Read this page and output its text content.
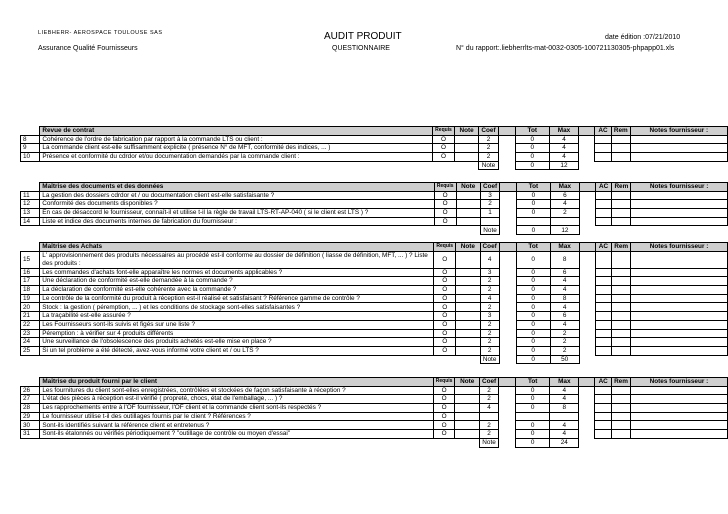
LIEBHERR- AEROSPACE TOULOUSE SAS
Assurance Qualité Fournisseurs
AUDIT PRODUIT
QUESTIONNAIRE
date édition :07/21/2010
N° du rapport:.liebherrlts-mat-0032-0305-100721130305-phpapp01.xls
	Revue de contrat	Requis	Note	Coef		Tot	Max		AC	Rem	Notes fournisseur :
8	Cohérence de l'ordre de fabrication par rapport à la commande LTS ou client :	O		2		0	4				
9	La commande client est-elle suffisamment explicite ( présence N° de MFT, conformité des indices, ... )	O		2		0	4				
10	Présence et conformité du cdrdor et/ou documentation demandés par la commande client :	O		2		0	4				
				Note		0	12				
	Maîtrise des documents et des données	Requis	Note	Coef		Tot	Max		AC	Rem	Notes fournisseur :
11	La gestion des dossiers cdrdor et / ou documentation client est-elle satisfaisante ?	O		3		0	6				
12	Conformité des documents disponibles ?	O		2		0	4				
13	En cas de désaccord le fournisseur, connaît-il et utilise t-il la règle de travail LTS-RT-AP-040 ( si le client est LTS ) ?	O		1		0	2				
14	Liste et indice des documents internes de fabrication du fournisseur :	O									
				Note		0	12				
	Maîtrise des Achats	Requis	Note	Coef		Tot	Max		AC	Rem	Notes fournisseur :
15	L' approvisionnement des produits nécessaires au procédé est-il conforme au dossier de définition ( liasse de définition, MFT, ... ) ? Liste des produits :	O		4		0	8				
16	Les commandes d'achats font-elle apparaître les normes et documents applicables ?	O		3		0	6				
17	Une déclaration de conformité est-elle demandée à la commande ?	O		2		0	4				
18	La déclaration de conformité est-elle cohérente avec la commande ?	O		2		0	4				
19	Le contrôle de la conformité du produit à réception est-il réalisé et satisfaisant ? Référence gamme de contrôle ?	O		4		0	8				
20	Stock : la gestion ( péremption, ... ) et les conditions de stockage sont-elles satisfaisantes ?	O		2		0	4				
21	La traçabilité est-elle assurée ?	O		3		0	6				
22	Les Fournisseurs sont-ils suivis et figés sur une liste ?	O		2		0	4				
23	Péremption : à vérifier sur 4 produits différents	O		2		0	2				
24	Une surveillance de l'obsolescence des produits achetés est-elle mise en place ?	O		2		0	2				
25	Si un tel problème a été détecté, avez-vous informé votre client et / ou LTS ?	O		2		0	2				
				Note		0	50				
	Maîtrise du produit fourni par le client	Requis	Note	Coef		Tot	Max		AC	Rem	Notes fournisseur :
26	Les fournitures du client sont-elles enregistrées, contrôlées et stockées de façon satisfaisante à réception ?	O		2		0	4				
27	L'état des pièces à réception est-il vérifié ( propreté, chocs, état de l'emballage, ... ) ?	O		2		0	4				
28	Les rapprochements entre à l'OF fournisseur, l'OF client et la commande client sont-ils respectés ?	O		4		0	8				
29	Le fournisseur utilise t-il des outillages fournis par le client ? Références ?	O									
30	Sont-ils identifiés suivant la référence client et entretenus ?	O		2		0	4				
31	Sont-ils étalonnés ou vérifiés périodiquement ? "outillage de contrôle ou moyen d'essai"	O		2		0	4				
				Note		0	24				
